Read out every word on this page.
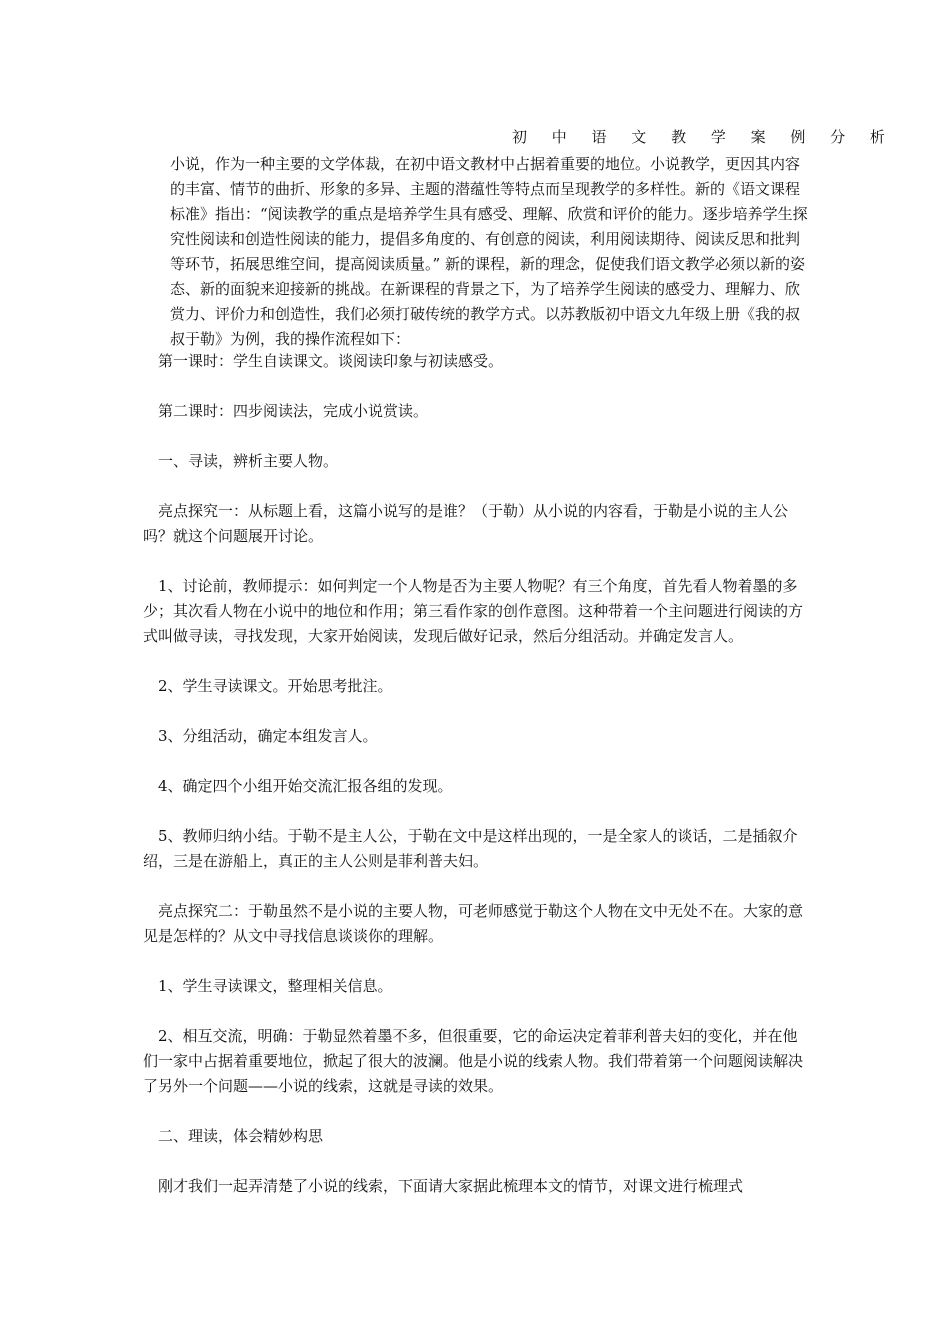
初 中 语 文 教 学 案 例 分 析

小说，作为一种主要的文学体裁，在初中语文教材中占据着重要的地位。小说教学，更因其内容的丰富、情节的曲折、形象的多异、主题的潜蕴性等特点而呈现教学的多样性。新的《语文课程标准》指出：“阅读教学的重点是培养学生具有感受、理解、欣赏和评价的能力。逐步培养学生探究性阅读和创造性阅读的能力，提倡多角度的、有创意的阅读，利用阅读期待、阅读反思和批判等环节，拓展思维空间，提高阅读质量。” 新的课程，新的理念，促使我们语文教学必须以新的姿态、新的面貌来迎接新的挑战。在新课程的背景之下，为了培养学生阅读的感受力、理解力、欣赏力、评价力和创造性，我们必须打破传统的教学方式。以苏教版初中语文九年级上册《我的叔叔于勒》为例，我的操作流程如下：

第一课时：学生自读课文。谈阅读印象与初读感受。

第二课时：四步阅读法，完成小说赏读。

一、寻读，辨析主要人物。

亮点探究一：从标题上看，这篇小说写的是谁？（于勒）从小说的内容看，于勒是小说的主人公吗？就这个问题展开讨论。

1、讨论前，教师提示：如何判定一个人物是否为主要人物呢？有三个角度，首先看人物着墨的多少；其次看人物在小说中的地位和作用；第三看作家的创作意图。这种带着一个主问题进行阅读的方式叫做寻读，寻找发现，大家开始阅读，发现后做好记录，然后分组活动。并确定发言人。

2、学生寻读课文。开始思考批注。

3、分组活动，确定本组发言人。

4、确定四个小组开始交流汇报各组的发现。

5、教师归纳小结。于勒不是主人公，于勒在文中是这样出现的，一是全家人的谈话，二是插叙介绍，三是在游船上，真正的主人公则是菲利普夫妇。

亮点探究二：于勒虽然不是小说的主要人物，可老师感觉于勒这个人物在文中无处不在。大家的意见是怎样的？从文中寻找信息谈谈你的理解。

1、学生寻读课文，整理相关信息。

2、相互交流，明确：于勒显然着墨不多，但很重要，它的命运决定着菲利普夫妇的变化，并在他们一家中占据着重要地位，掀起了很大的波澜。他是小说的线索人物。我们带着第一个问题阅读解决了另外一个问题——小说的线索，这就是寻读的效果。

二、理读，体会精妙构思

刚才我们一起弄清楚了小说的线索，下面请大家据此梳理本文的情节，对课文进行梳理式
